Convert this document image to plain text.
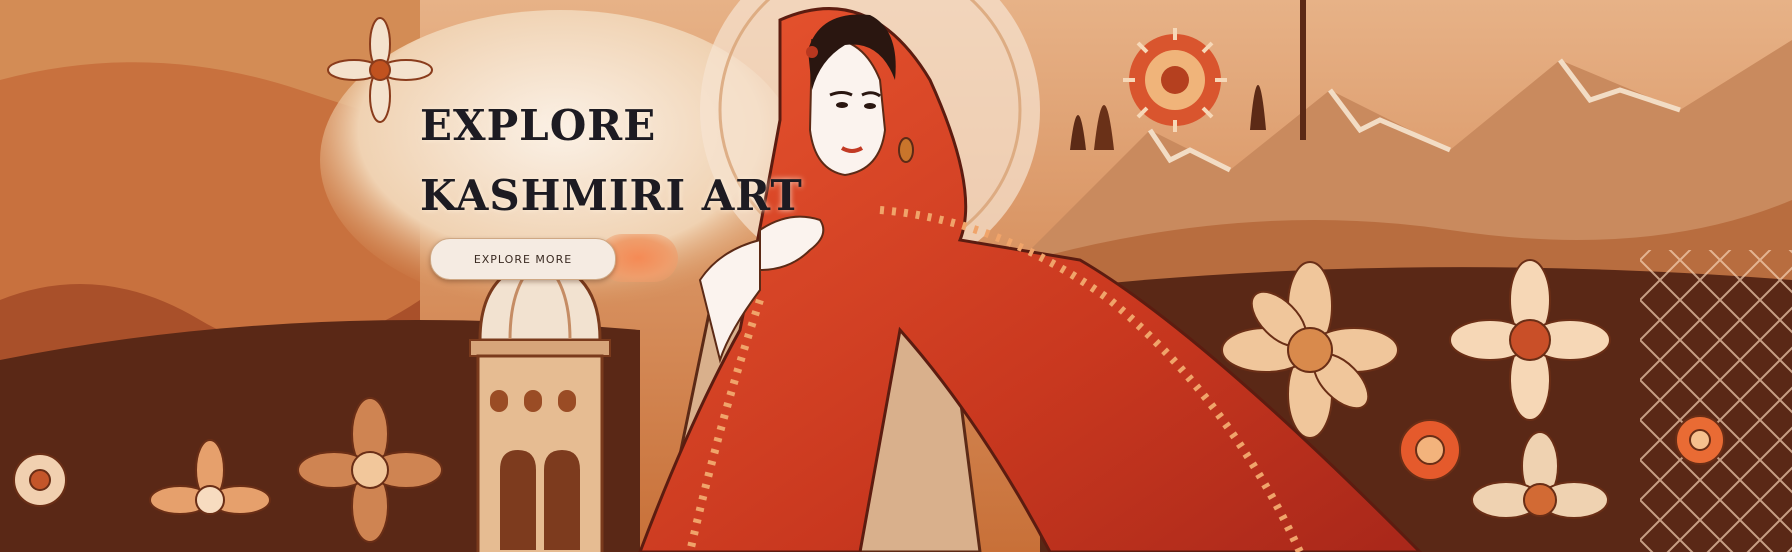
EXPLORE
KASHMIRI ART
EXPLORE MORE
